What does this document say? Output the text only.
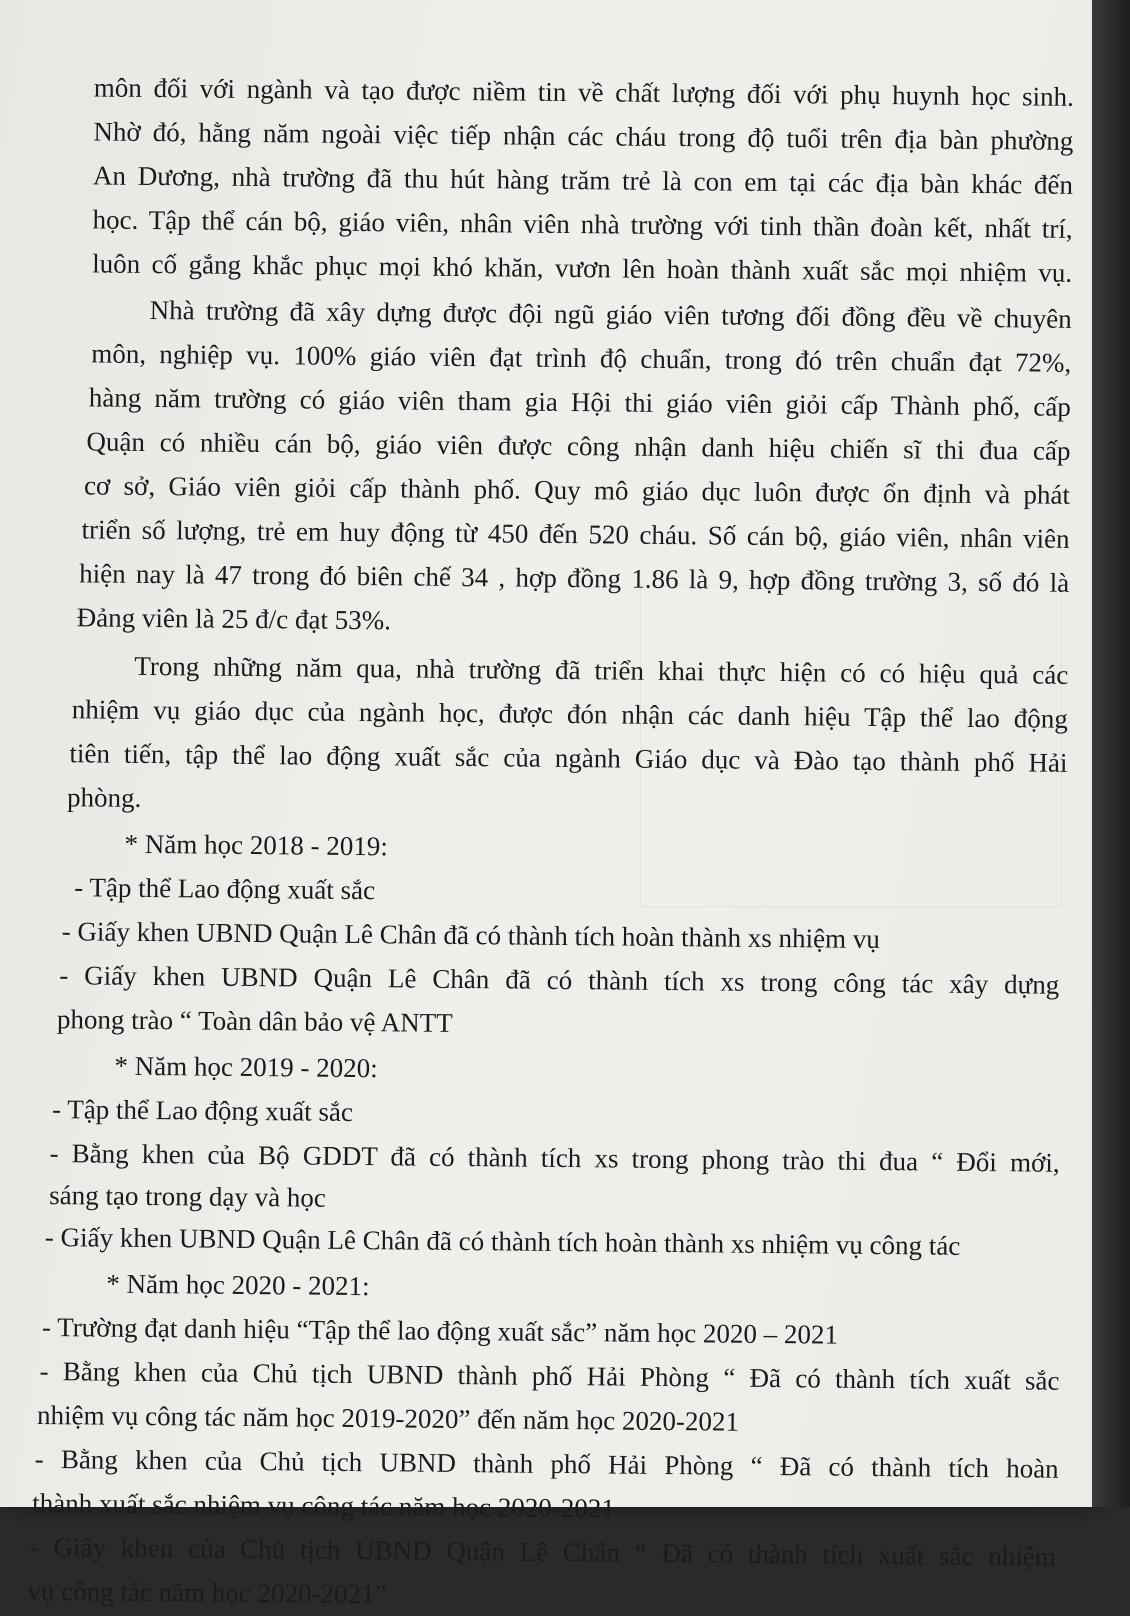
môn đối với ngành và tạo được niềm tin về chất lượng đối với phụ huynh học sinh.
Nhờ đó, hằng năm ngoài việc tiếp nhận các cháu trong độ tuổi trên địa bàn phường
An Dương, nhà trường đã thu hút hàng trăm trẻ là con em tại các địa bàn khác đến
học. Tập thể cán bộ, giáo viên, nhân viên nhà trường với tinh thần đoàn kết, nhất trí,
luôn cố gắng khắc phục mọi khó khăn, vươn lên hoàn thành xuất sắc mọi nhiệm vụ.
Nhà trường đã xây dựng được đội ngũ giáo viên tương đối đồng đều về chuyên
môn, nghiệp vụ. 100% giáo viên đạt trình độ chuẩn, trong đó trên chuẩn đạt 72%,
hàng năm trường có giáo viên tham gia Hội thi giáo viên giỏi cấp Thành phố, cấp
Quận có nhiều cán bộ, giáo viên được công nhận danh hiệu chiến sĩ thi đua cấp
cơ sở, Giáo viên giỏi cấp thành phố. Quy mô giáo dục luôn được ổn định và phát
triển số lượng, trẻ em huy động từ 450 đến 520 cháu. Số cán bộ, giáo viên, nhân viên
hiện nay là 47 trong đó biên chế 34 , hợp đồng 1.86 là 9, hợp đồng trường 3, số đó là
Đảng viên là 25 đ/c đạt 53%.
Trong những năm qua, nhà trường đã triển khai thực hiện có có hiệu quả các
nhiệm vụ giáo dục của ngành học, được đón nhận các danh hiệu Tập thể lao động
tiên tiến, tập thể lao động xuất sắc của ngành Giáo dục và Đào tạo thành phố Hải
phòng.
* Năm học 2018 - 2019:
- Tập thể Lao động xuất sắc
- Giấy khen UBND Quận Lê Chân đã có thành tích hoàn thành xs nhiệm vụ
- Giấy khen UBND Quận Lê Chân đã có thành tích xs trong công tác xây dựng
phong trào “ Toàn dân bảo vệ ANTT
* Năm học 2019 - 2020:
- Tập thể Lao động xuất sắc
- Bằng khen của Bộ GDDT đã có thành tích xs trong phong trào thi đua “ Đổi mới,
sáng tạo trong dạy và học
- Giấy khen UBND Quận Lê Chân đã có thành tích hoàn thành xs nhiệm vụ công tác
* Năm học 2020 - 2021:
- Trường đạt danh hiệu “Tập thể lao động xuất sắc” năm học 2020 – 2021
- Bằng khen của Chủ tịch UBND thành phố Hải Phòng “ Đã có thành tích xuất sắc
nhiệm vụ công tác năm học 2019-2020” đến năm học 2020-2021
- Bằng khen của Chủ tịch UBND thành phố Hải Phòng “ Đã có thành tích hoàn
thành xuất sắc nhiệm vụ công tác năm học 2020-2021
- Giấy khen của Chủ tịch UBND Quận Lê Chân “ Đã có thành tích xuất sắc nhiệm
vụ công tác năm học 2020-2021”
